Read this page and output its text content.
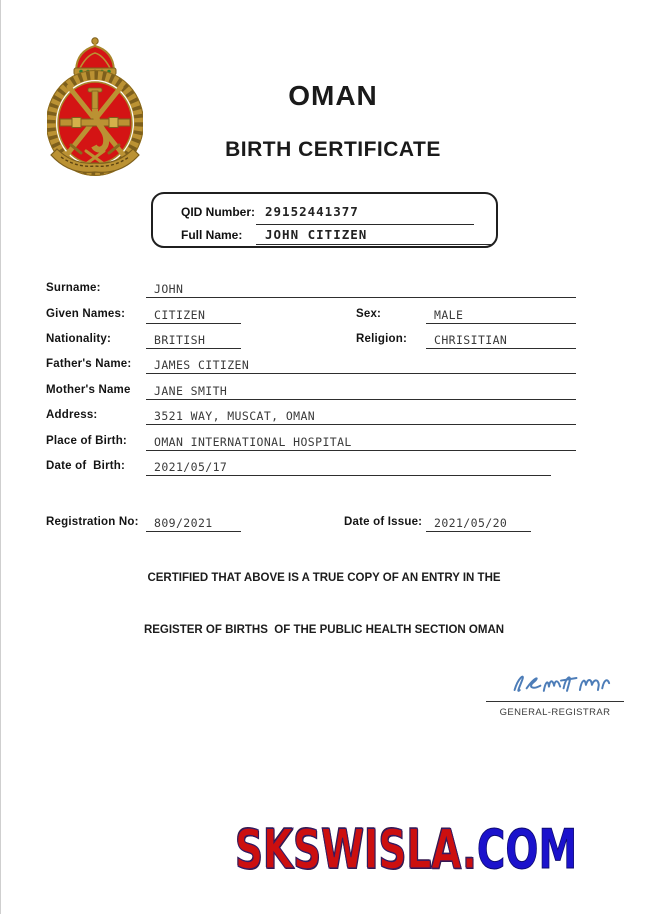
OMAN
BIRTH CERTIFICATE
QID Number: 29152441377
Full Name: JOHN CITIZEN
Surname:	JOHN
Given Names:	CITIZEN	Sex:	MALE
Nationality:	BRITISH	Religion:	CHRISITIAN
Father's Name:	JAMES CITIZEN
Mother's Name	JANE SMITH
Address:	3521 WAY, MUSCAT, OMAN
Place of Birth:	OMAN INTERNATIONAL HOSPITAL
Date of  Birth:	2021/05/17
Registration No:	809/2021	Date of Issue:	2021/05/20
CERTIFIED THAT ABOVE IS A TRUE COPY OF AN ENTRY IN THE
REGISTER OF BIRTHS  OF THE PUBLIC HEALTH SECTION OMAN
GENERAL-REGISTRAR
SKSWISLA.COM
